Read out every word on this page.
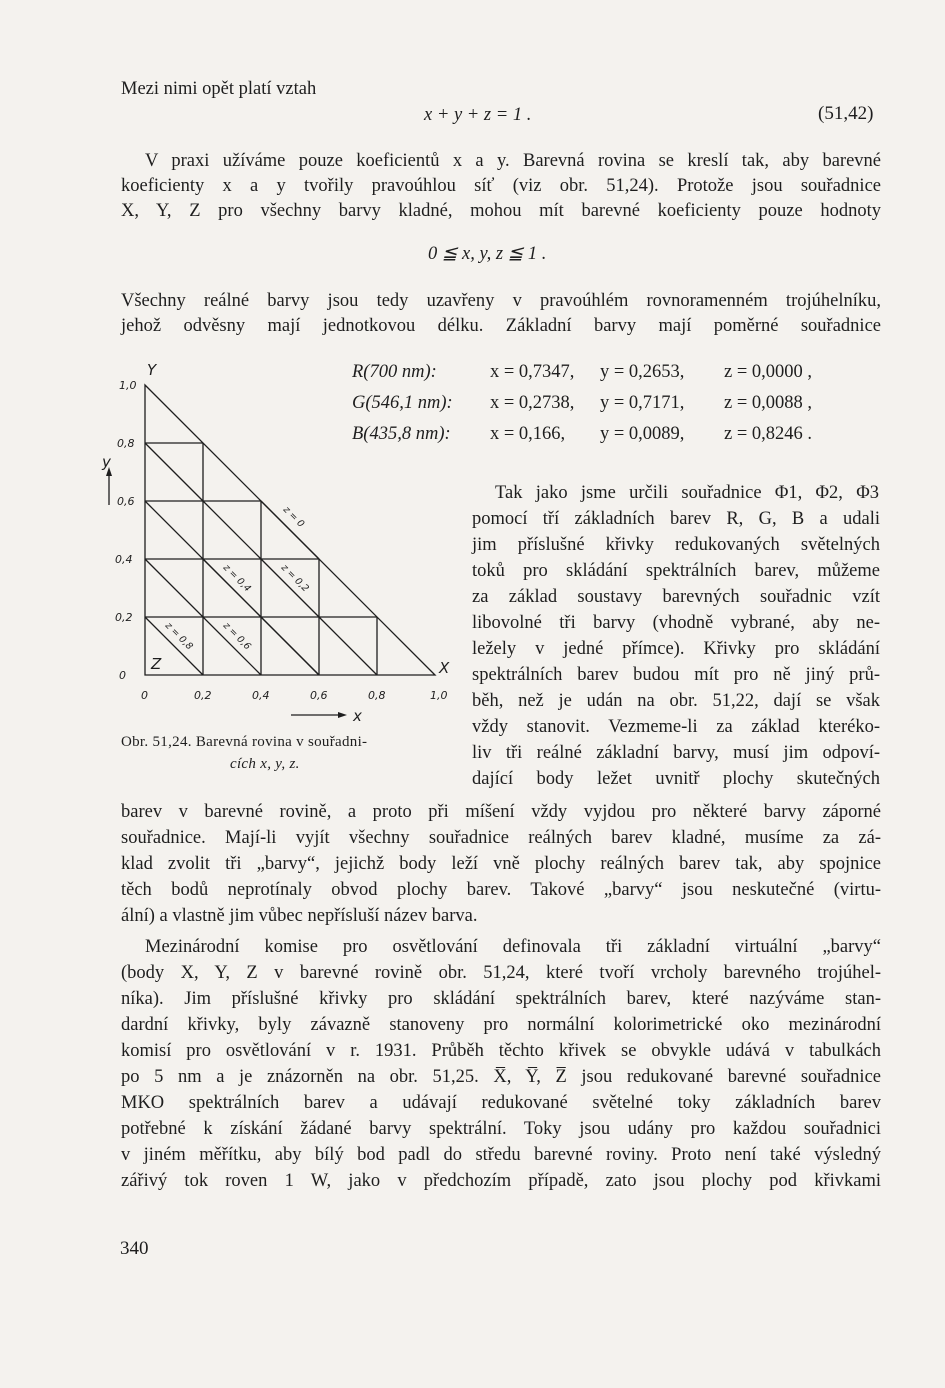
Mezi nimi opět platí vztah
x + y + z = 1 .	(51,42)
V praxi užíváme pouze koeficientů x a y. Barevná rovina se kreslí tak, aby barevné
koeficienty x a y tvořily pravoúhlou síť (viz obr. 51,24). Protože jsou souřadnice
X, Y, Z pro všechny barvy kladné, mohou mít barevné koeficienty pouze hodnoty
0 ≦ x, y, z ≦ 1 .
Všechny reálné barvy jsou tedy uzavřeny v pravoúhlém rovnoramenném trojúhelníku,
jehož odvěsny mají jednotkovou délku. Základní barvy mají poměrné souřadnice
R(700 nm):	x = 0,7347,	y = 0,2653,	z = 0,0000 ,
G(546,1 nm):	x = 0,2738,	y = 0,7171,	z = 0,0088 ,
B(435,8 nm):	x = 0,166,	y = 0,0089,	z = 0,8246 .
0
0,2
0,4
0,6
0,8
1,0
0	0,2	0,4	0,6	0,8	1,0
Y
Z	X
y
x
z = 0
z = 0,2
z = 0,4
z = 0,6
z = 0,8
Obr. 51,24. Barevná rovina v souřadni-
cích x, y, z.
Tak jako jsme určili souřadnice Φ1, Φ2, Φ3
pomocí tří základních barev R, G, B a udali
jim příslušné křivky redukovaných světelných
toků pro skládání spektrálních barev, můžeme
za základ soustavy barevných souřadnic vzít
libovolné tři barvy (vhodně vybrané, aby ne-
ležely v jedné přímce). Křivky pro skládání
spektrálních barev budou mít pro ně jiný prů-
běh, než je udán na obr. 51,22, dají se však
vždy stanovit. Vezmeme-li za základ kteréko-
liv tři reálné základní barvy, musí jim odpoví-
dající body ležet uvnitř plochy skutečných
barev v barevné rovině, a proto při míšení vždy vyjdou pro některé barvy záporné
souřadnice. Mají-li vyjít všechny souřadnice reálných barev kladné, musíme za zá-
klad zvolit tři „barvy“, jejichž body leží vně plochy reálných barev tak, aby spojnice
těch bodů neprotínaly obvod plochy barev. Takové „barvy“ jsou neskutečné (virtu-
ální) a vlastně jim vůbec nepřísluší název barva.
Mezinárodní komise pro osvětlování definovala tři základní virtuální „barvy“
(body X, Y, Z v barevné rovině obr. 51,24, které tvoří vrcholy barevného trojúhel-
níka). Jim příslušné křivky pro skládání spektrálních barev, které nazýváme stan-
dardní křivky, byly závazně stanoveny pro normální kolorimetrické oko mezinárodní
komisí pro osvětlování v r. 1931. Průběh těchto křivek se obvykle udává v tabulkách
po 5 nm a je znázorněn na obr. 51,25. X̅, Y̅, Z̅ jsou redukované barevné souřadnice
MKO spektrálních barev a udávají redukované světelné toky základních barev
potřebné k získání žádané barvy spektrální. Toky jsou udány pro každou souřadnici
v jiném měřítku, aby bílý bod padl do středu barevné roviny. Proto není také výsledný
zářivý tok roven 1 W, jako v předchozím případě, zato jsou plochy pod křivkami
340
